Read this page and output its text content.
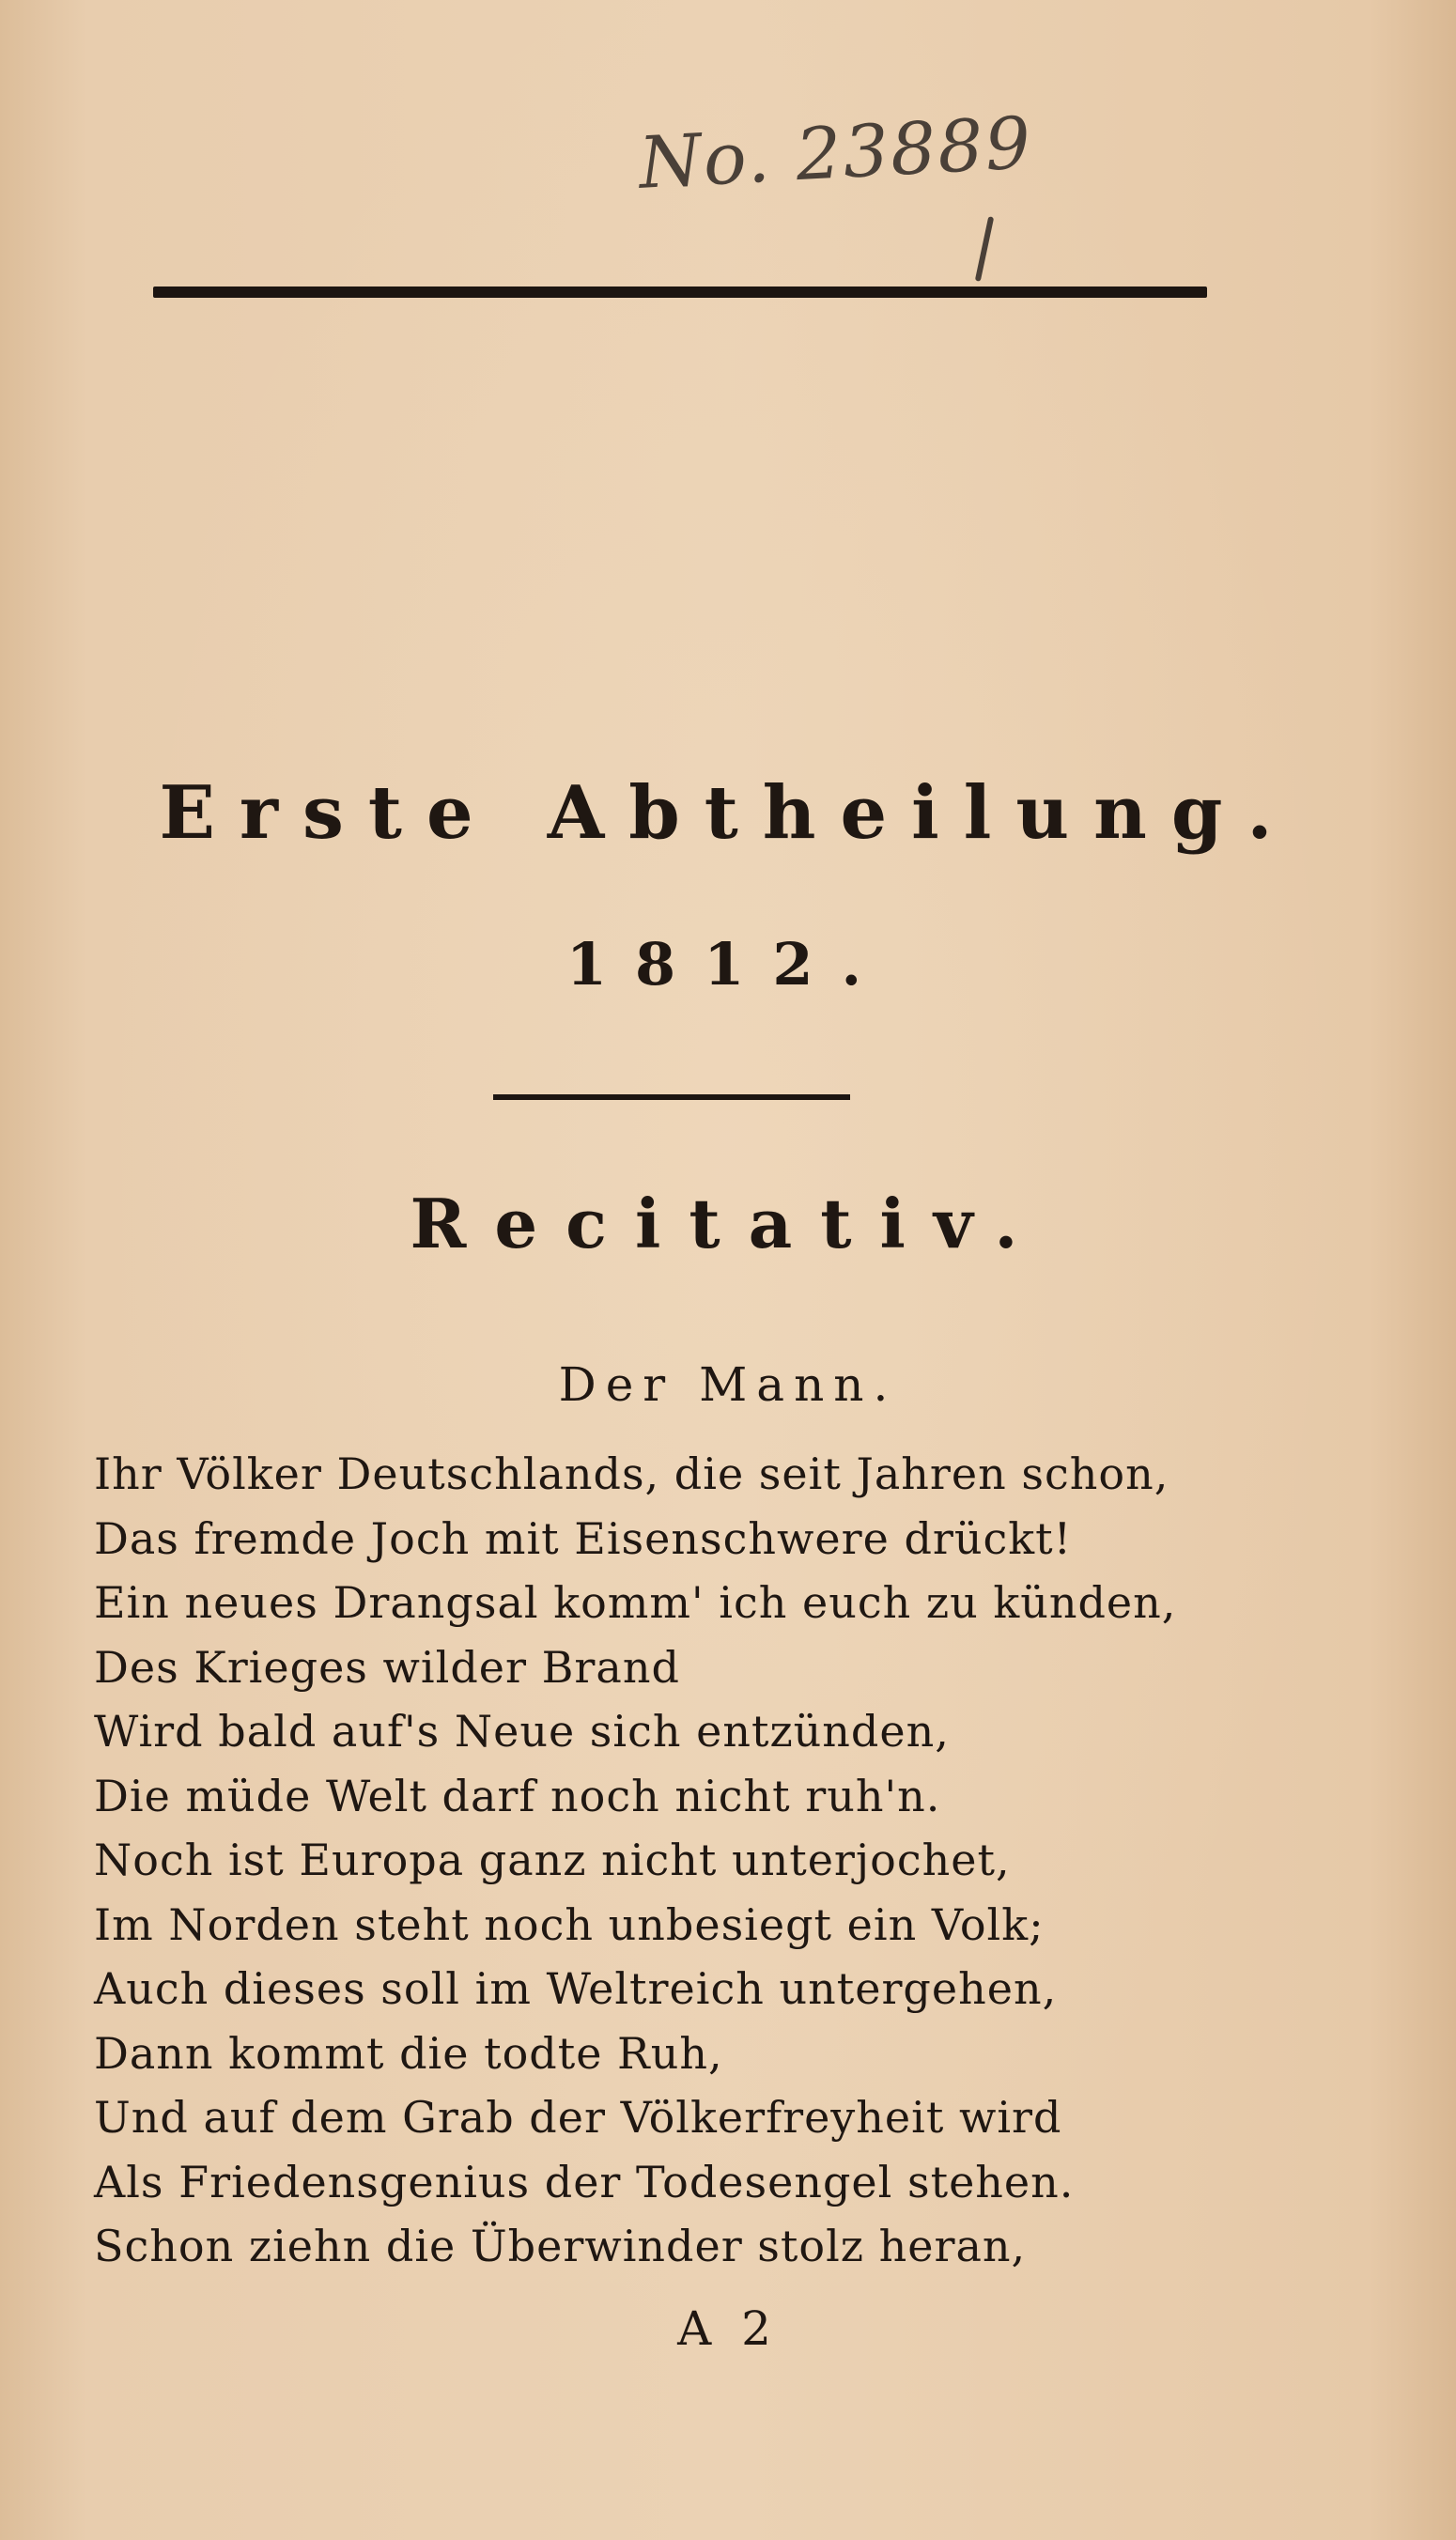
No. 23889
Erste Abtheilung.
1812.
Recitativ.
Der Mann.
Ihr Völker Deutschlands, die seit Jahren schon,
Das fremde Joch mit Eisenschwere drückt!
Ein neues Drangsal komm' ich euch zu künden,
Des Krieges wilder Brand
Wird bald auf's Neue sich entzünden,
Die müde Welt darf noch nicht ruh'n.
Noch ist Europa ganz nicht unterjochet,
Im Norden steht noch unbesiegt ein Volk;
Auch dieses soll im Weltreich untergehen,
Dann kommt die todte Ruh,
Und auf dem Grab der Völkerfreyheit wird
Als Friedensgenius der Todesengel stehen.
Schon ziehn die Überwinder stolz heran,
A 2
